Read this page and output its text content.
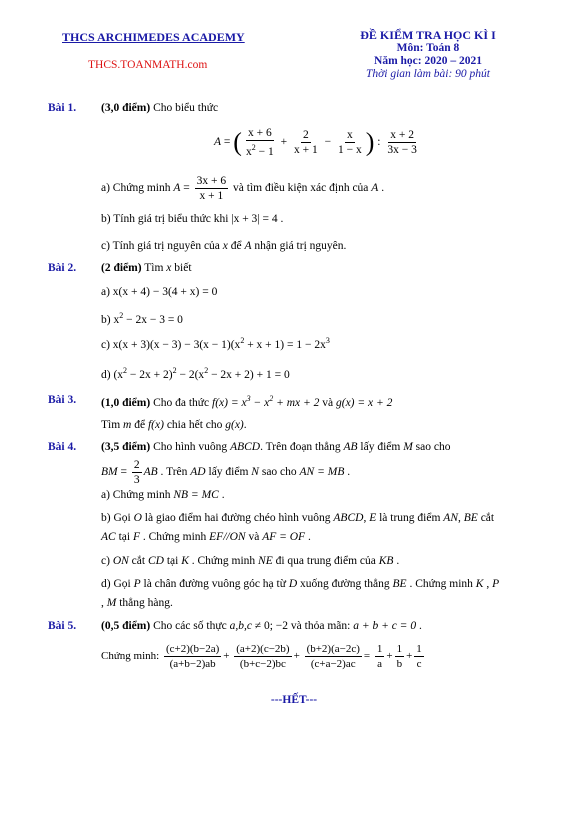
THCS ARCHIMEDES ACADEMY
THCS.TOANMATH.com
ĐỀ KIỂM TRA HỌC KÌ I
Môn: Toán 8
Năm học: 2020 – 2021
Thời gian làm bài: 90 phút
Bài 1. (3,0 điểm) Cho biểu thức
A = ( $\frac{x + 6}{x^2 - 1} + \frac{2}{x + 1} - \frac{x}{1 - x}$ ) : $\frac{x + 2}{3x - 3}$
a) Chứng minh $A = \frac{3x + 6}{x + 1}$ và tìm điều kiện xác định của A .
b) Tính giá trị biểu thức khi |x + 3| = 4 .
c) Tính giá trị nguyên của x để A nhận giá trị nguyên.
Bài 2. (2 điểm) Tìm x biết
a) x(x + 4) − 3(4 + x) = 0
b) $x^2 - 2x - 3 = 0$
c) $x(x + 3)(x - 3) - 3(x - 1)(x^2 + x + 1) = 1 - 2x^3$
d) $(x^2 - 2x + 2)^2 - 2(x^2 - 2x + 2) + 1 = 0$
Bài 3. (1,0 điểm) Cho đa thức $f(x) = x^3 - x^2$ + mx + 2 và g(x) = x + 2
Tìm m để f(x) chia hết cho g(x).
Bài 4. (3,5 điểm) Cho hình vuông ABCD. Trên đoạn thẳng AB lấy điểm M sao cho
BM = $\frac{2}{3}$ AB . Trên AD lấy điểm N sao cho AN = MB .
a) Chứng minh NB = MC .
b) Gọi O là giao điểm hai đường chéo hình vuông ABCD, E là trung điểm AN, BE cắt
AC tại F . Chứng minh EF//ON và AF = OF .
c) ON cắt CD tại K . Chứng minh NE đi qua trung điểm của KB .
d) Gọi P là chân đường vuông góc hạ từ D xuống đường thẳng BE . Chứng minh K , P
, M thẳng hàng.
Bài 5. (0,5 điểm) Cho các số thực a,b,c ≠ 0; −2 và thỏa mãn: a + b + c = 0 .
Chứng minh: $\frac{(c+2)(b-2a)}{(a+b-2)ab} + \frac{(a+2)(c-2b)}{(b+c-2)bc} + \frac{(b+2)(a-2c)}{(c+a-2)ac} = \frac{1}{a} + \frac{1}{b} + \frac{1}{c}$
---HẾT---
